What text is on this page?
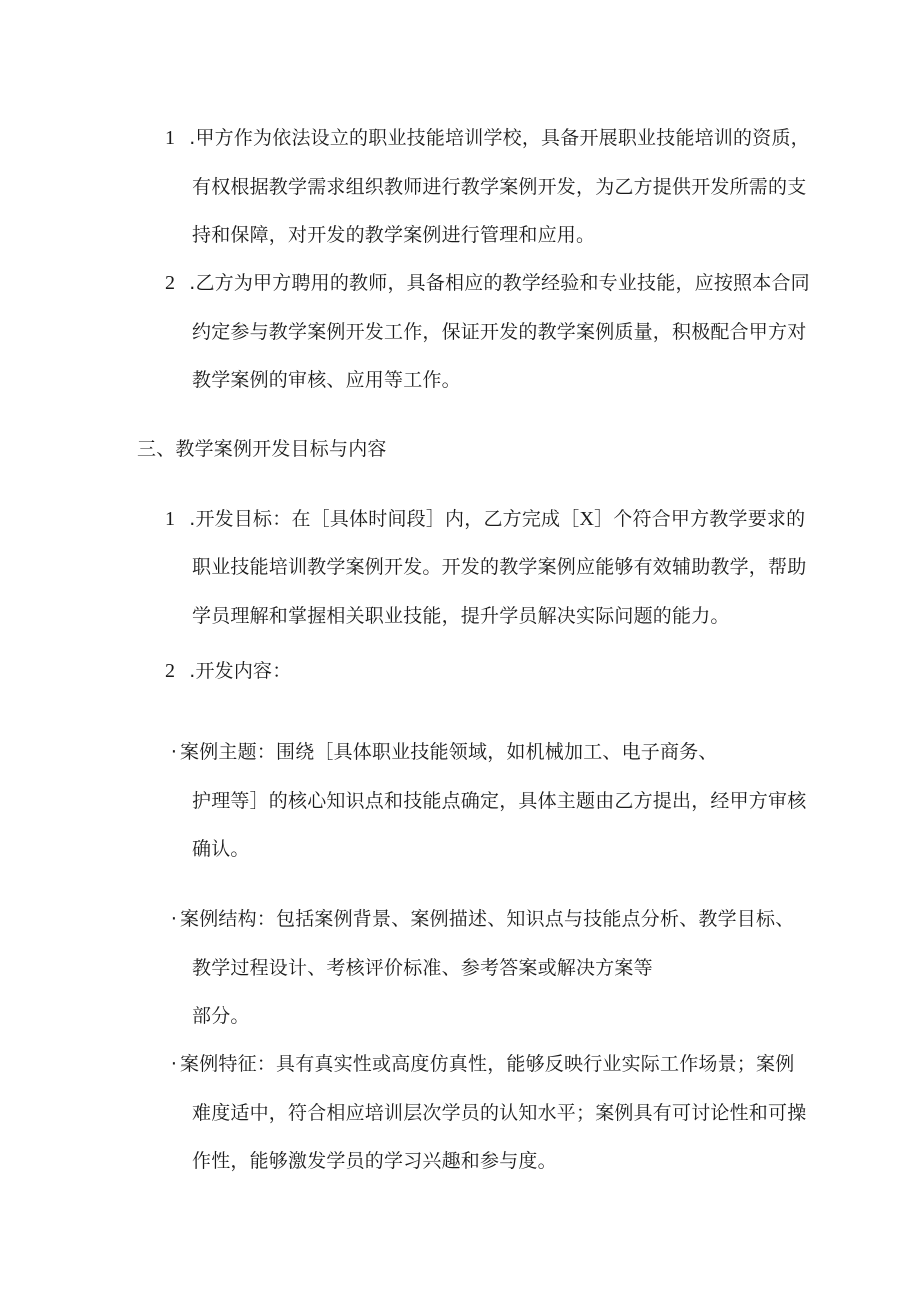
1 .甲方作为依法设立的职业技能培训学校，具备开展职业技能培训的资质，
有权根据教学需求组织教师进行教学案例开发，为乙方提供开发所需的支
持和保障，对开发的教学案例进行管理和应用。
2 .乙方为甲方聘用的教师，具备相应的教学经验和专业技能，应按照本合同
约定参与教学案例开发工作，保证开发的教学案例质量，积极配合甲方对
教学案例的审核、应用等工作。
三、教学案例开发目标与内容
1 .开发目标：在［具体时间段］内，乙方完成［X］个符合甲方教学要求的
职业技能培训教学案例开发。开发的教学案例应能够有效辅助教学，帮助
学员理解和掌握相关职业技能，提升学员解决实际问题的能力。
2 .开发内容：
· 案例主题：围绕［具体职业技能领域，如机械加工、电子商务、
护理等］的核心知识点和技能点确定，具体主题由乙方提出，经甲方审核
确认。
· 案例结构：包括案例背景、案例描述、知识点与技能点分析、教学目标、
教学过程设计、考核评价标准、参考答案或解决方案等
部分。
· 案例特征：具有真实性或高度仿真性，能够反映行业实际工作场景；案例
难度适中，符合相应培训层次学员的认知水平；案例具有可讨论性和可操
作性，能够激发学员的学习兴趣和参与度。
